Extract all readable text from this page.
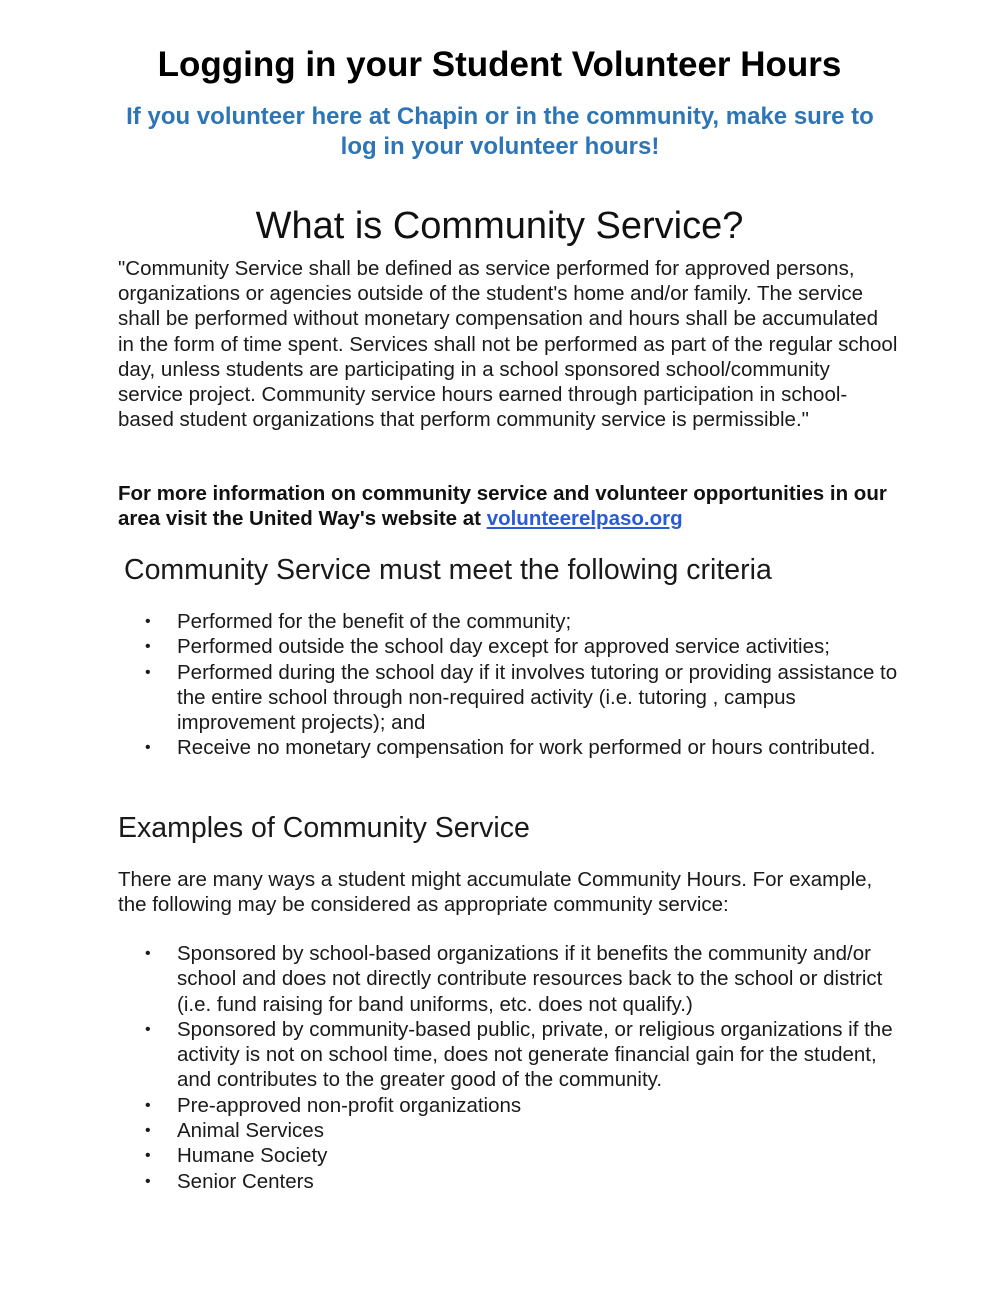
Logging in your Student Volunteer Hours

If you volunteer here at Chapin or in the community, make sure to log in your volunteer hours!

What is Community Service?

"Community Service shall be defined as service performed for approved persons, organizations or agencies outside of the student's home and/or family. The service shall be performed without monetary compensation and hours shall be accumulated in the form of time spent. Services shall not be performed as part of the regular school day, unless students are participating in a school sponsored school/community service project. Community service hours earned through participation in school-based student organizations that perform community service is permissible."

For more information on community service and volunteer opportunities in our area visit the United Way's website at volunteerelpaso.org

Community Service must meet the following criteria
• Performed for the benefit of the community;
• Performed outside the school day except for approved service activities;
• Performed during the school day if it involves tutoring or providing assistance to the entire school through non-required activity (i.e. tutoring , campus improvement projects); and
• Receive no monetary compensation for work performed or hours contributed.
Examples of Community Service

There are many ways a student might accumulate Community Hours. For example, the following may be considered as appropriate community service:

• Sponsored by school-based organizations if it benefits the community and/or school and does not directly contribute resources back to the school or district (i.e. fund raising for band uniforms, etc. does not qualify.)
• Sponsored by community-based public, private, or religious organizations if the activity is not on school time, does not generate financial gain for the student, and contributes to the greater good of the community.
• Pre-approved non-profit organizations
• Animal Services
• Humane Society
• Senior Centers
